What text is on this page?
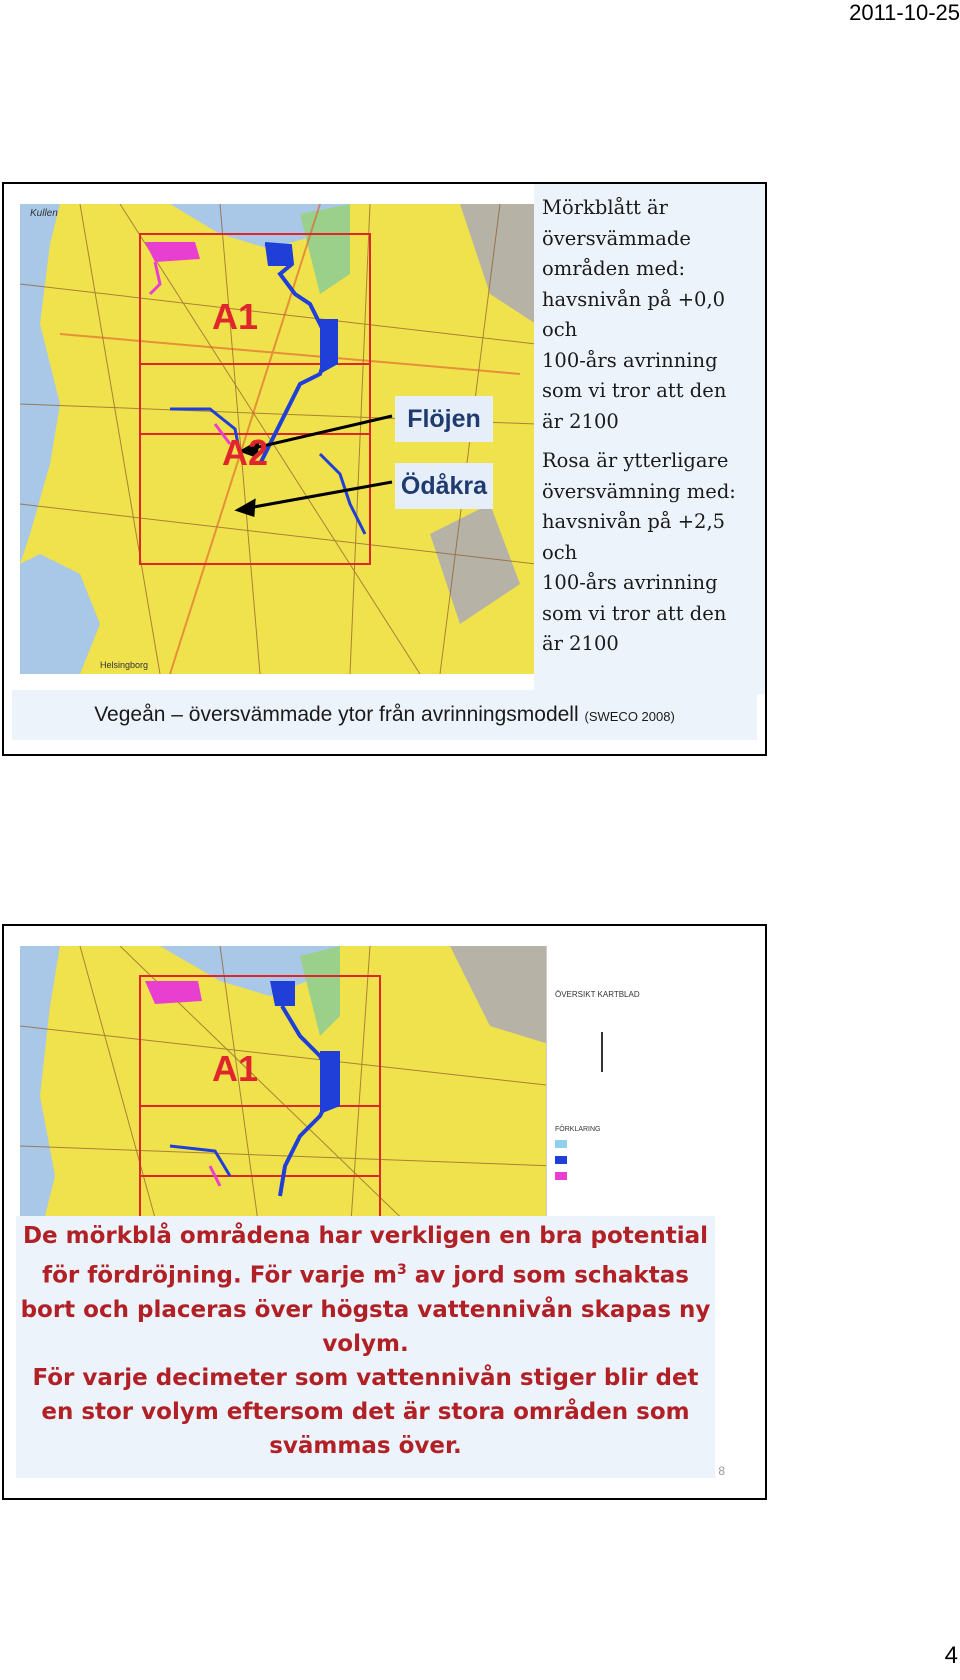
2011-10-25
A1
A2
Kullen
Helsingborg
Flöjen
Ödåkra
Mörkblått är
översvämmade
områden med:
havsnivån på +0,0
och
100-års avrinning
som vi tror att den
är 2100
Rosa är ytterligare
översvämning med:
havsnivån på +2,5
och
100-års avrinning
som vi tror att den
är 2100
Vegeån – översvämmade ytor från avrinningsmodell (SWECO 2008)
A1
ÖVERSIKT KARTBLAD
FÖRKLARING

De mörkblå områdena har verkligen en bra potential för fördröjning. För varje $m^3$ av jord som schaktas bort och placeras över högsta vattennivån skapas ny volym.

För varje decimeter som vattennivån stiger blir det en stor volym eftersom det är stora områden som svämmas över.

8
4
